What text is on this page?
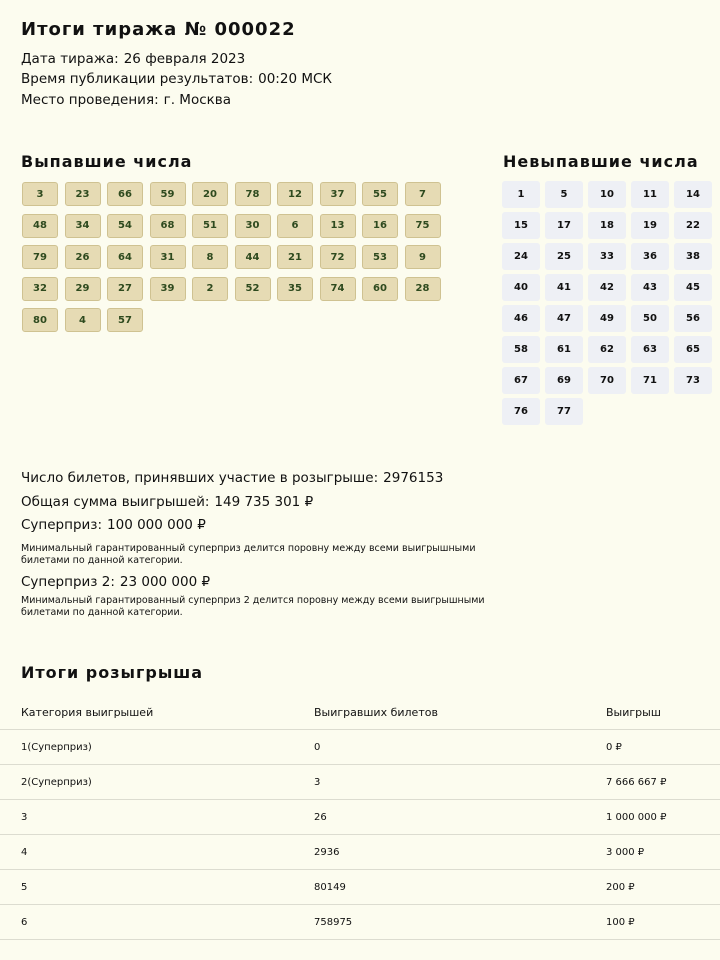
Итоги тиража № 000022
Дата тиража: 26 февраля 2023
Время публикации результатов: 00:20 МСК
Место проведения: г. Москва
Выпавшие числа	Невыпавшие числа
3	23	66	59	20	78	12	37	55	7
48	34	54	68	51	30	6	13	16	75
79	26	64	31	8	44	21	72	53	9
32	29	27	39	2	52	35	74	60	28
80	4	57
1	5	10	11	14
15	17	18	19	22
24	25	33	36	38
40	41	42	43	45
46	47	49	50	56
58	61	62	63	65
67	69	70	71	73
76	77
Число билетов, принявших участие в розыгрыше: 2976153
Общая сумма выигрышей: 149 735 301 ₽
Суперприз: 100 000 000 ₽
Минимальный гарантированный суперприз делится поровну между всеми выигрышными билетами по данной категории.
Суперприз 2: 23 000 000 ₽
Минимальный гарантированный суперприз 2 делится поровну между всеми выигрышными билетами по данной категории.
Итоги розыгрыша
Категория выигрышей	Выигравших билетов	Выигрыш
1(Суперприз)	0	0 ₽
2(Суперприз)	3	7 666 667 ₽
3	26	1 000 000 ₽
4	2936	3 000 ₽
5	80149	200 ₽
6	758975	100 ₽
